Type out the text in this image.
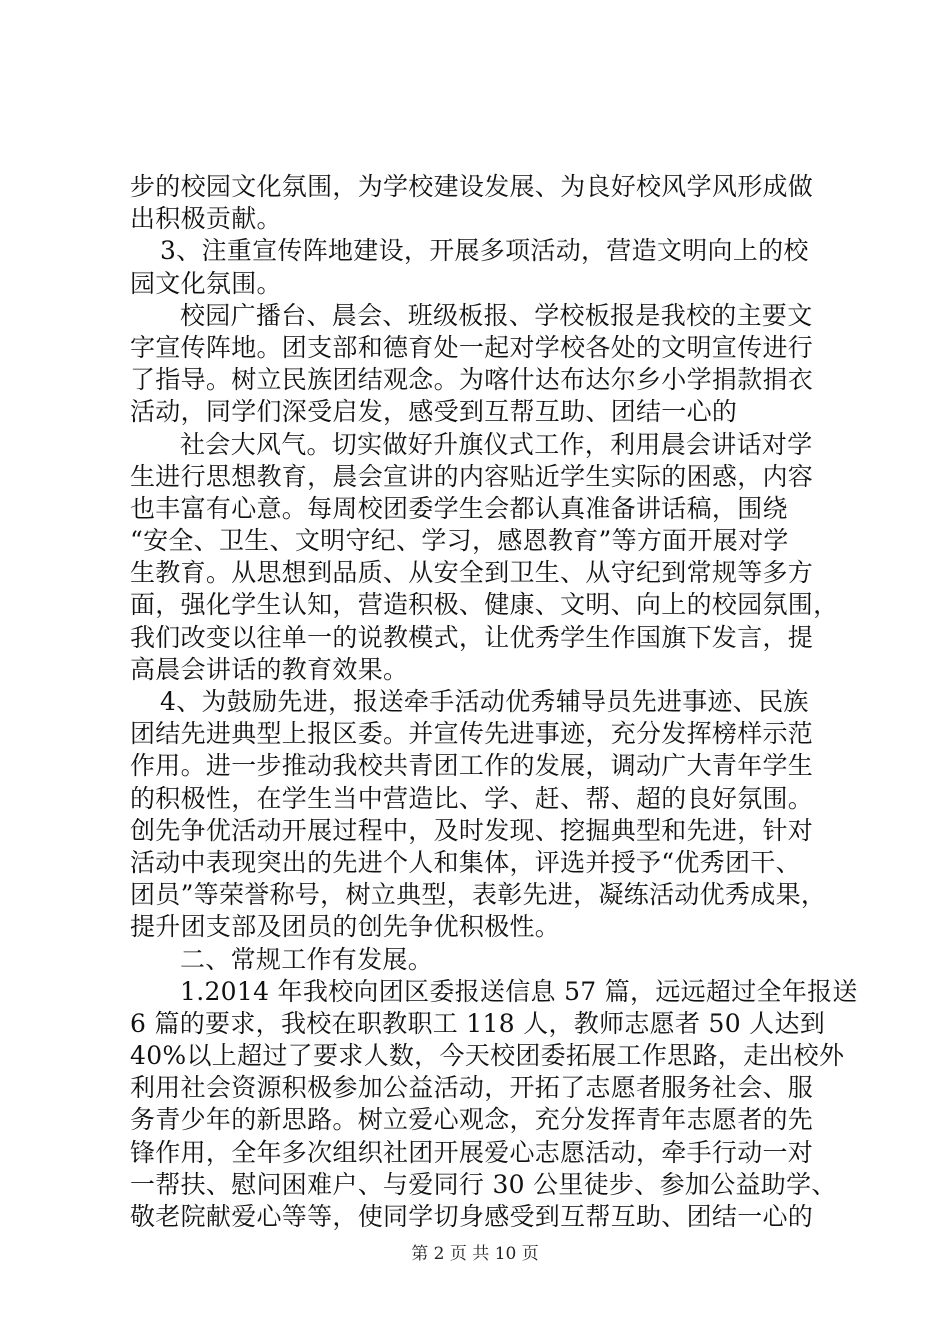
步的校园文化氛围，为学校建设发展、为良好校风学风形成做
出积极贡献。
3、注重宣传阵地建设，开展多项活动，营造文明向上的校
园文化氛围。
校园广播台、晨会、班级板报、学校板报是我校的主要文
字宣传阵地。团支部和德育处一起对学校各处的文明宣传进行
了指导。树立民族团结观念。为喀什达布达尔乡小学捐款捐衣
活动，同学们深受启发，感受到互帮互助、团结一心的
社会大风气。切实做好升旗仪式工作，利用晨会讲话对学
生进行思想教育，晨会宣讲的内容贴近学生实际的困惑，内容
也丰富有心意。每周校团委学生会都认真准备讲话稿，围绕
“安全、卫生、文明守纪、学习，感恩教育”等方面开展对学
生教育。从思想到品质、从安全到卫生、从守纪到常规等多方
面，强化学生认知，营造积极、健康、文明、向上的校园氛围，
我们改变以往单一的说教模式，让优秀学生作国旗下发言，提
高晨会讲话的教育效果。
4、为鼓励先进，报送牵手活动优秀辅导员先进事迹、民族
团结先进典型上报区委。并宣传先进事迹，充分发挥榜样示范
作用。进一步推动我校共青团工作的发展，调动广大青年学生
的积极性，在学生当中营造比、学、赶、帮、超的良好氛围。
创先争优活动开展过程中，及时发现、挖掘典型和先进，针对
活动中表现突出的先进个人和集体，评选并授予“优秀团干、
团员”等荣誉称号，树立典型，表彰先进，凝练活动优秀成果，
提升团支部及团员的创先争优积极性。
二、常规工作有发展。
1.2014 年我校向团区委报送信息 57 篇，远远超过全年报送
6 篇的要求，我校在职教职工 118 人，教师志愿者 50 人达到
40%以上超过了要求人数，今天校团委拓展工作思路，走出校外
利用社会资源积极参加公益活动，开拓了志愿者服务社会、服
务青少年的新思路。树立爱心观念，充分发挥青年志愿者的先
锋作用，全年多次组织社团开展爱心志愿活动，牵手行动一对
一帮扶、慰问困难户、与爱同行 30 公里徒步、参加公益助学、
敬老院献爱心等等，使同学切身感受到互帮互助、团结一心的
第 2 页 共 10 页
